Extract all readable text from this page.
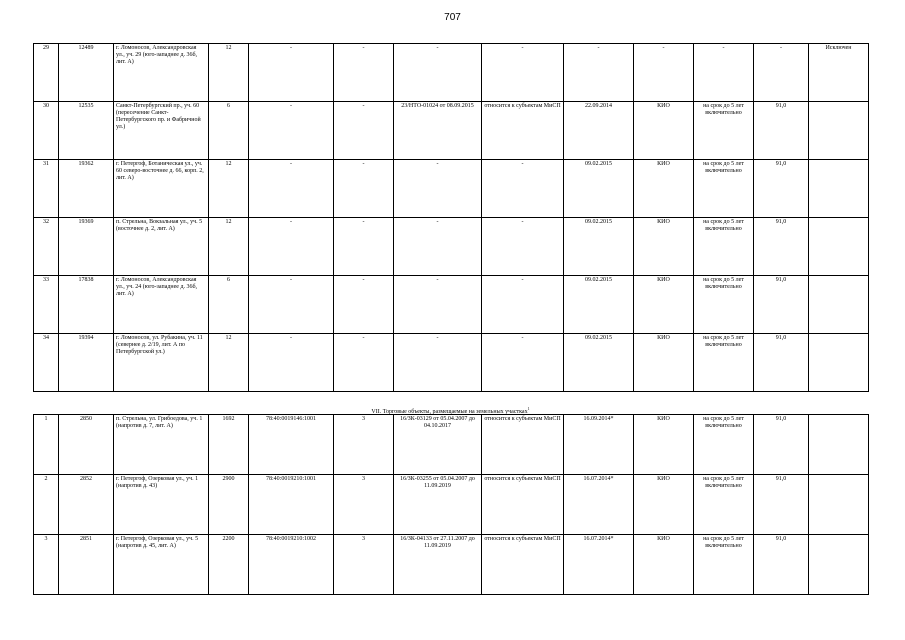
707
29	12489	г. Ломоносов, Александровская ул., уч. 29 (юго-западнее д. 36б, лит. А)	12	-	-	-	-	-	-	-	-	Исключен
30	12535	Санкт-Петербургский пр., уч. 60 (пересечение Санкт-Петербургского пр. и Фабричной ул.)	6	-	-	23/НТО-01024 от 08.09.2015	относится к субъектам МиСП	22.09.2014	КИО	на срок до 5 лет включительно	91,0	
31	19362	г. Петергоф, Ботаническая ул., уч. 60 северо-восточнее д. 66, корп. 2, лит. А)	12	-	-	-	-	09.02.2015	КИО	на срок до 5 лет включительно	91,0	
32	19369	п. Стрельна, Вокзальная ул., уч. 5 (восточнее д. 2, лит. А)	12	-	-	-	-	09.02.2015	КИО	на срок до 5 лет включительно	91,0	
33	17838	г. Ломоносов, Александровская ул., уч. 24 (юго-западнее д. 36б, лит. А)	6	-	-	-	-	09.02.2015	КИО	на срок до 5 лет включительно	91,0	
34	19394	г. Ломоносов, ул. Рубакина, уч. 11 (севернее д. 2/19, лит. А по Петербургской ул.)	12	-	-	-	-	09.02.2015	КИО	на срок до 5 лет включительно	91,0	
VII. Торговые объекты, размещаемые на земельных участках$^1$
1	2850	п. Стрельна, ул. Грибоедова, уч. 1 (напротив д. 7, лит. А)	1692	78:40:0019146:1001	3	16/ЗК-03129 от 05.04.2007 до 04.10.2017	относится к субъектам МиСП	16.09.2014*	КИО	на срок до 5 лет включительно	91,0	
2	2852	г. Петергоф, Озерковая ул., уч. 1 (напротив д. 43)	2900	78:40:0019210:1001	3	16/ЗК-03255 от 05.04.2007 до 11.09.2019	относится к субъектам МиСП	16.07.2014*	КИО	на срок до 5 лет включительно	91,0	
3	2851	г. Петергоф, Озерковая ул., уч. 5 (напротив д. 45, лит. А)	2200	78:40:0019210:1002	3	16/ЗК-04133 от 27.11.2007 до 11.09.2019	относится к субъектам МиСП	16.07.2014*	КИО	на срок до 5 лет включительно	91,0	
